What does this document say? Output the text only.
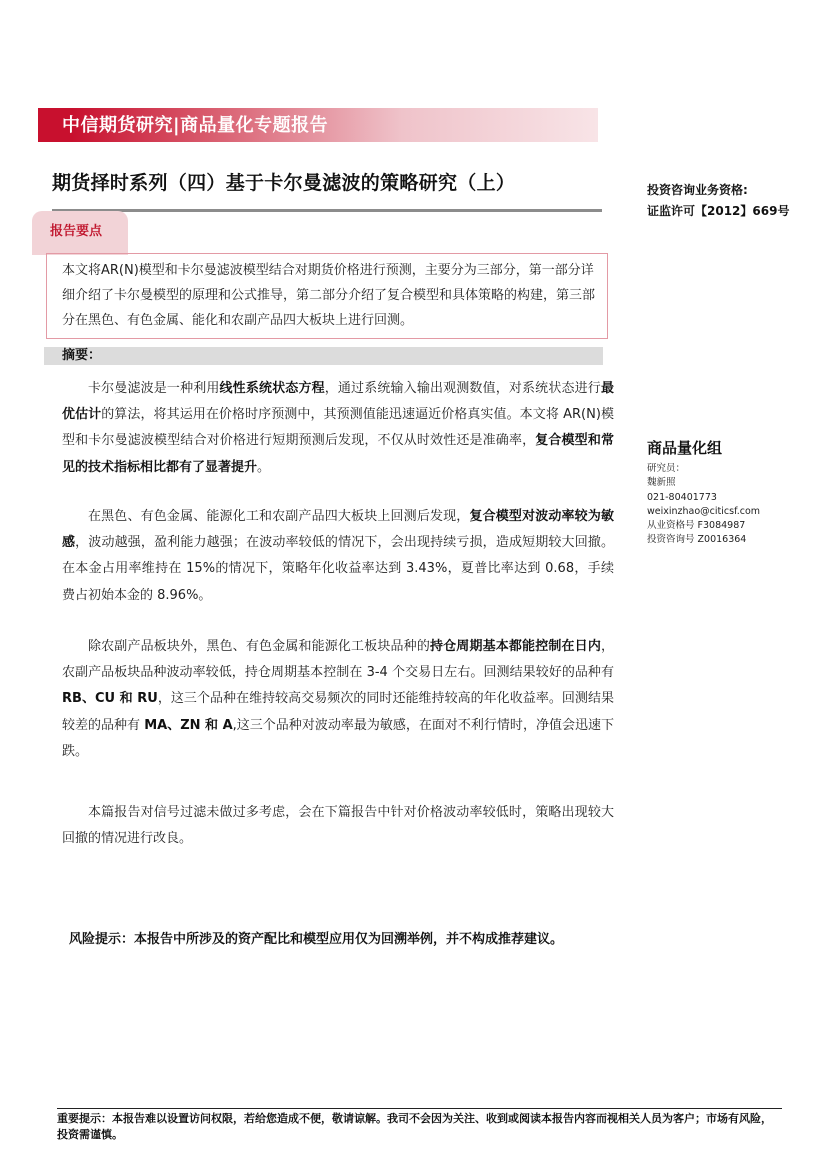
中信期货研究|商品量化专题报告
期货择时系列（四）基于卡尔曼滤波的策略研究（上）	投资咨询业务资格:
证监许可【2012】669号
报告要点

本文将AR(N)模型和卡尔曼滤波模型结合对期货价格进行预测，主要分为三部分，第一部分详细介绍了卡尔曼模型的原理和公式推导，第二部分介绍了复合模型和具体策略的构建，第三部分在黑色、有色金属、能化和农副产品四大板块上进行回测。

摘要：

卡尔曼滤波是一种利用线性系统状态方程，通过系统输入输出观测数值，对系统状态进行最优估计的算法，将其运用在价格时序预测中，其预测值能迅速逼近价格真实值。本文将 AR(N)模型和卡尔曼滤波模型结合对价格进行短期预测后发现，不仅从时效性还是准确率，复合模型和常见的技术指标相比都有了显著提升。

在黑色、有色金属、能源化工和农副产品四大板块上回测后发现，复合模型对波动率较为敏感，波动越强，盈利能力越强；在波动率较低的情况下，会出现持续亏损，造成短期较大回撤。在本金占用率维持在 15%的情况下，策略年化收益率达到 3.43%，夏普比率达到 0.68，手续费占初始本金的 8.96%。

除农副产品板块外，黑色、有色金属和能源化工板块品种的持仓周期基本都能控制在日内，农副产品板块品种波动率较低，持仓周期基本控制在 3-4 个交易日左右。回测结果较好的品种有 RB、CU 和 RU，这三个品种在维持较高交易频次的同时还能维持较高的年化收益率。回测结果较差的品种有 MA、ZN 和 A,这三个品种对波动率最为敏感，在面对不利行情时，净值会迅速下跌。

本篇报告对信号过滤未做过多考虑，会在下篇报告中针对价格波动率较低时，策略出现较大回撤的情况进行改良。

商品量化组
研究员：
魏新照
021-80401773
weixinzhao@citicsf.com
从业资格号 F3084987
投资咨询号 Z0016364
风险提示：本报告中所涉及的资产配比和模型应用仅为回溯举例，并不构成推荐建议。

重要提示：本报告难以设置访问权限，若给您造成不便，敬请谅解。我司不会因为关注、收到或阅读本报告内容而视相关人员为客户；市场有风险，投资需谨慎。
